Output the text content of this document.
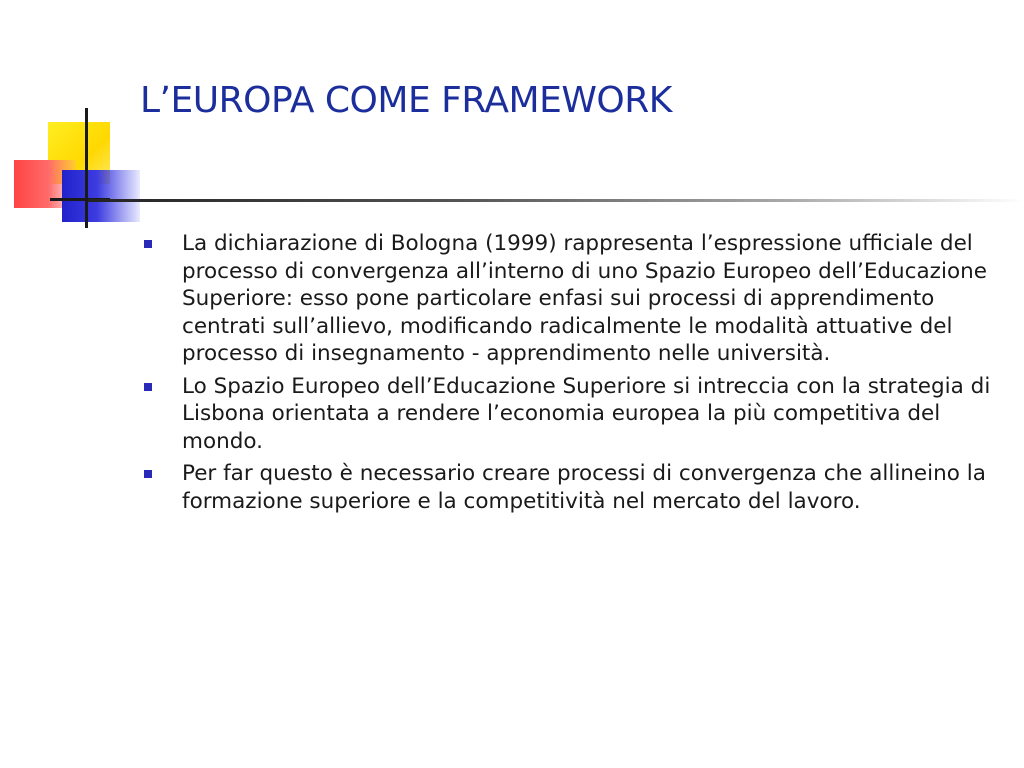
L’EUROPA COME FRAMEWORK
La dichiarazione di Bologna (1999) rappresenta l’espressione ufficiale del processo di convergenza all’interno di uno Spazio Europeo dell’Educazione Superiore: esso pone particolare enfasi sui processi di apprendimento centrati sull’allievo, modificando radicalmente le modalità attuative del processo di insegnamento - apprendimento nelle università.
Lo Spazio Europeo dell’Educazione Superiore si intreccia con la strategia di Lisbona orientata a rendere l’economia europea la più competitiva del mondo.
Per far questo è necessario creare processi di convergenza che allineino la formazione superiore e la competitività nel mercato del lavoro.
